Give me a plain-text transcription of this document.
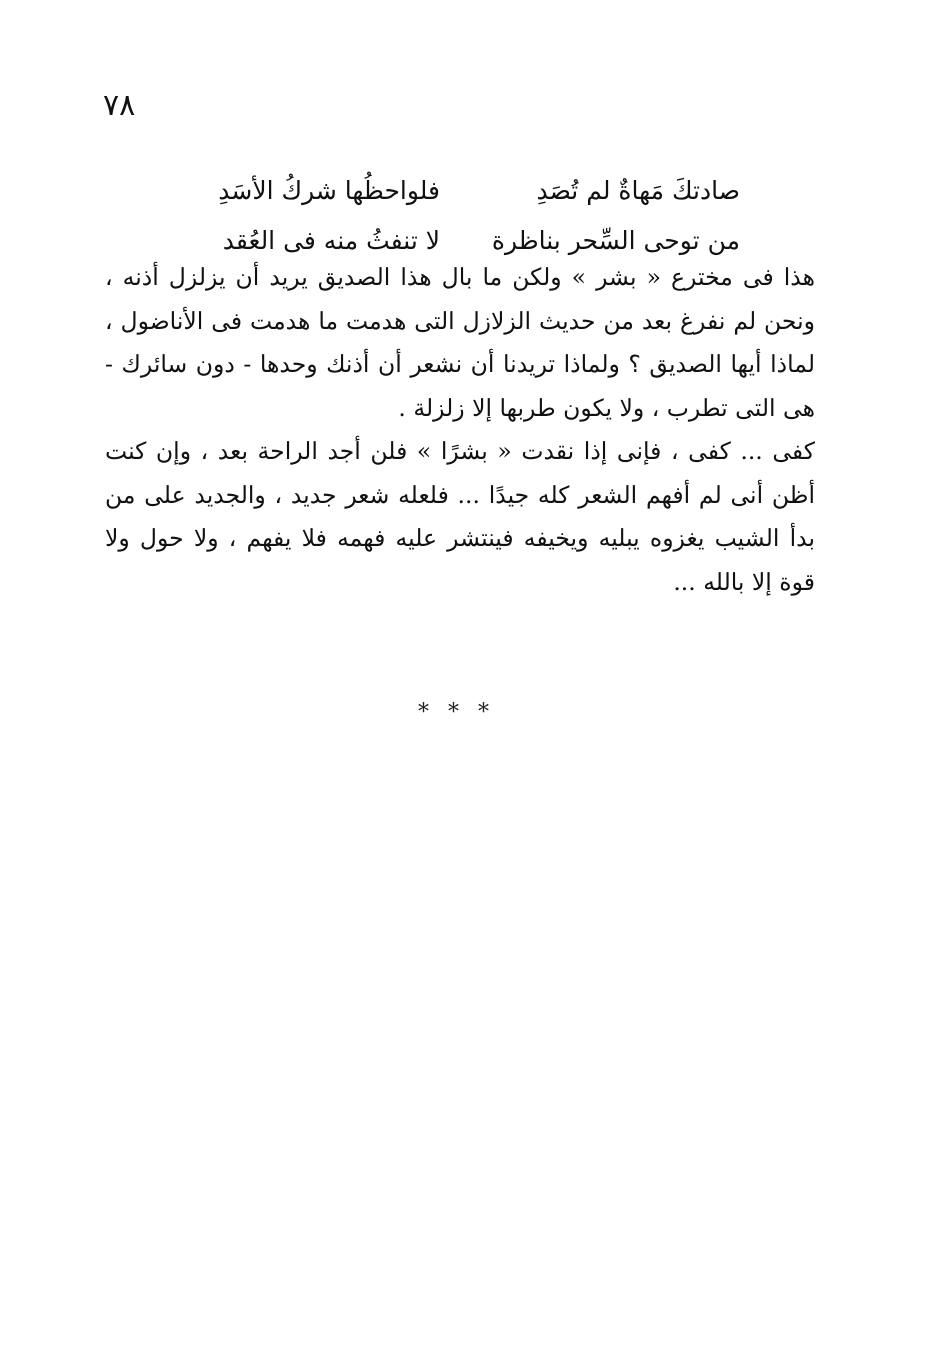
٧٨
صادتكَ مَهاةٌ لم تُصَدِ
فلواحظُها شركُ الأسَدِ
من توحى السِّحر بناظرة
لا تنفثُ منه فى العُقد

هذا فى مخترع « بشر » ولكن ما بال هذا الصديق يريد أن يزلزل أذنه ، ونحن لم نفرغ بعد من حديث الزلازل التى هدمت ما هدمت فى الأناضول ، لماذا أيها الصديق ؟ ولماذا تريدنا أن نشعر أن أذنك وحدها - دون سائرك - هى التى تطرب ، ولا يكون طربها إلا زلزلة .

كفى ... كفى ، فإنى إذا نقدت « بشرًا » فلن أجد الراحة بعد ، وإن كنت أظن أنى لم أفهم الشعر كله جيدًا ... فلعله شعر جديد ، والجديد على من بدأ الشيب يغزوه يبليه ويخيفه فينتشر عليه فهمه فلا يفهم ، ولا حول ولا قوة إلا بالله ...

* * *
